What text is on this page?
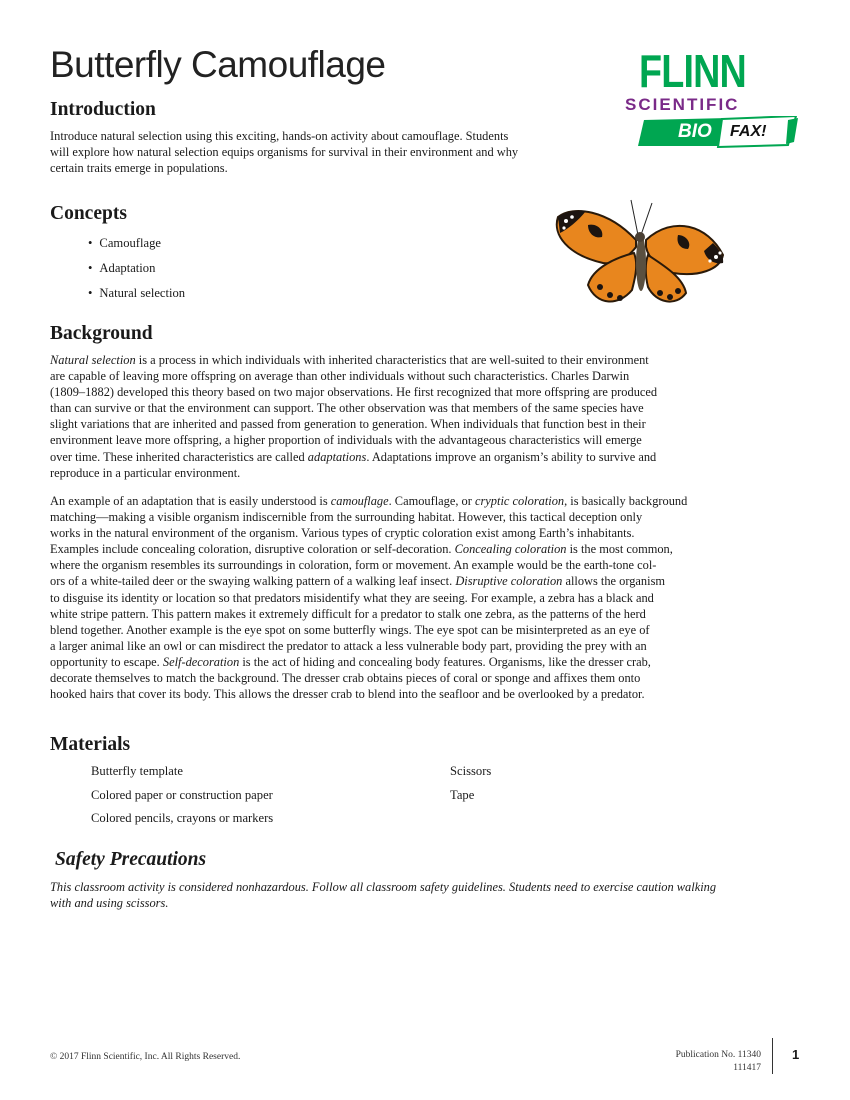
Butterfly Camouflage	FLINN
SCIENTIFIC
BIO FAX!
Introduction
Introduce natural selection using this exciting, hands-on activity about camouflage. Students
will explore how natural selection equips organisms for survival in their environment and why
certain traits emerge in populations.
Concepts
• Camouflage
• Adaptation
• Natural selection
Background
Natural selection is a process in which individuals with inherited characteristics that are well-suited to their environment
are capable of leaving more offspring on average than other individuals without such characteristics. Charles Darwin
(1809–1882) developed this theory based on two major observations. He first recognized that more offspring are produced
than can survive or that the environment can support. The other observation was that members of the same species have
slight variations that are inherited and passed from generation to generation. When individuals that function best in their
environment leave more offspring, a higher proportion of individuals with the advantageous characteristics will emerge
over time. These inherited characteristics are called adaptations. Adaptations improve an organism’s ability to survive and
reproduce in a particular environment.
An example of an adaptation that is easily understood is camouflage. Camouflage, or cryptic coloration, is basically background
matching—making a visible organism indiscernible from the surrounding habitat. However, this tactical deception only
works in the natural environment of the organism. Various types of cryptic coloration exist among Earth’s inhabitants.
Examples include concealing coloration, disruptive coloration or self-decoration. Concealing coloration is the most common,
where the organism resembles its surroundings in coloration, form or movement. An example would be the earth-tone col-
ors of a white-tailed deer or the swaying walking pattern of a walking leaf insect. Disruptive coloration allows the organism
to disguise its identity or location so that predators misidentify what they are seeing. For example, a zebra has a black and
white stripe pattern. This pattern makes it extremely difficult for a predator to stalk one zebra, as the patterns of the herd
blend together. Another example is the eye spot on some butterfly wings. The eye spot can be misinterpreted as an eye of
a larger animal like an owl or can misdirect the predator to attack a less vulnerable body part, providing the prey with an
opportunity to escape. Self-decoration is the act of hiding and concealing body features. Organisms, like the dresser crab,
decorate themselves to match the background. The dresser crab obtains pieces of coral or sponge and affixes them onto
hooked hairs that cover its body. This allows the dresser crab to blend into the seafloor and be overlooked by a predator.
Materials
Butterfly template
Colored paper or construction paper
Colored pencils, crayons or markers
Scissors
Tape
Safety Precautions
This classroom activity is considered nonhazardous. Follow all classroom safety guidelines. Students need to exercise caution walking
with and using scissors.
© 2017 Flinn Scientific, Inc. All Rights Reserved.	Publication No. 11340
111417
1
